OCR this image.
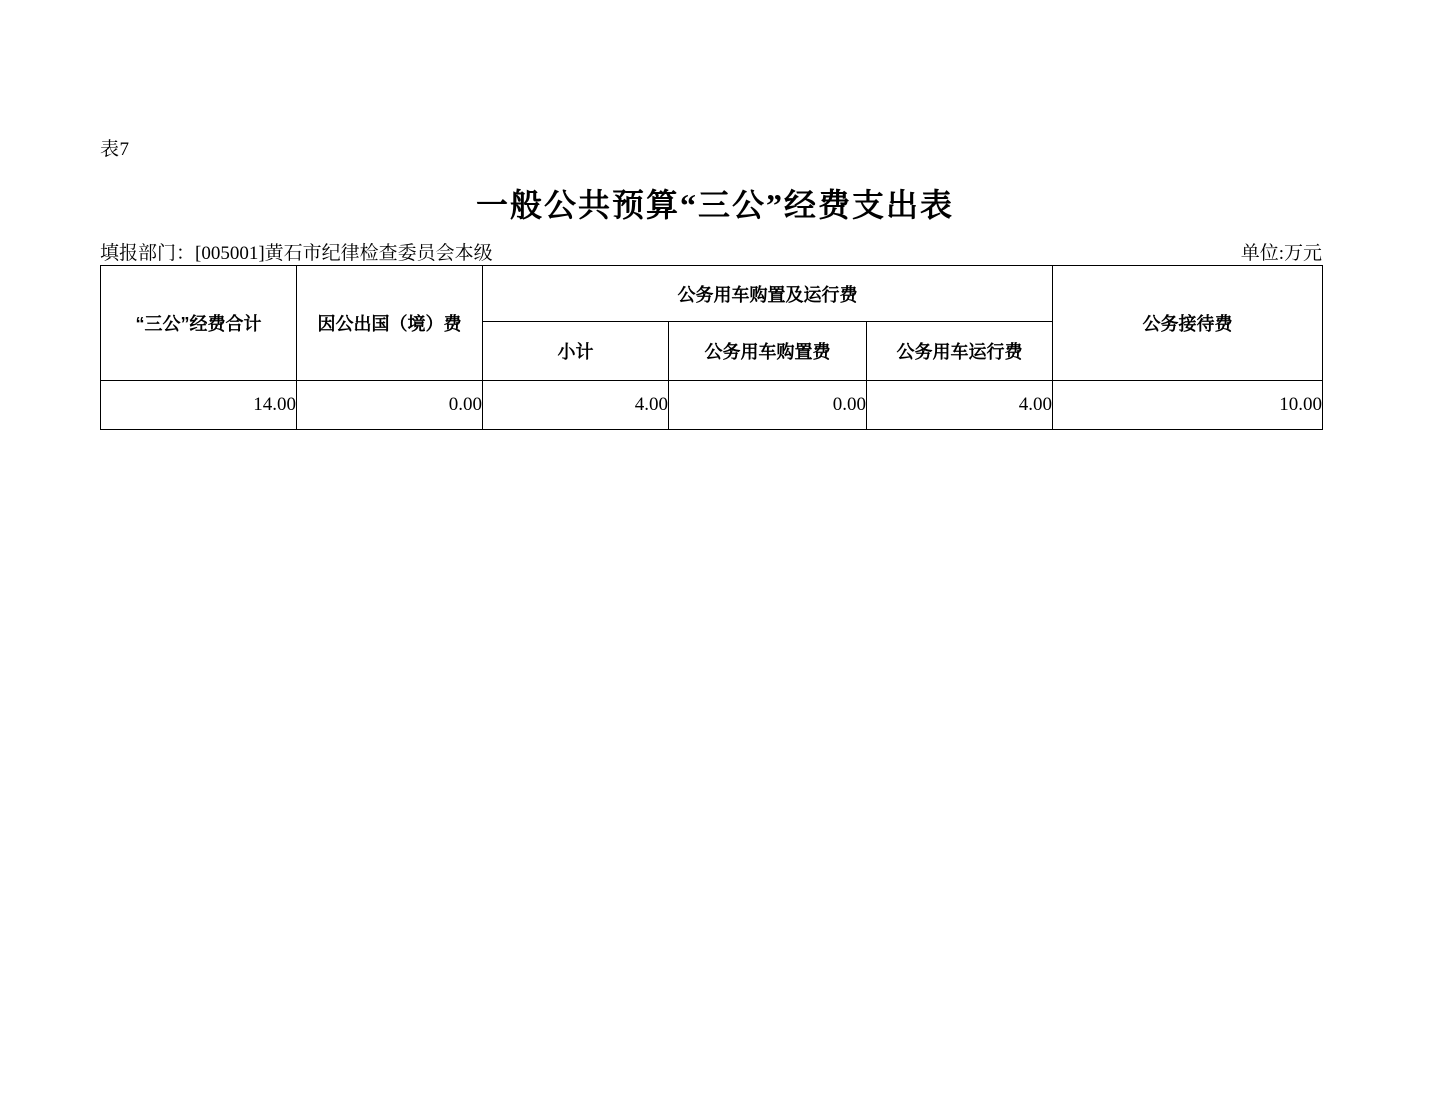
表7
一般公共预算“三公”经费支出表
填报部门：[005001]黄石市纪律检查委员会本级	单位:万元
“三公”经费合计	因公出国（境）费	公务用车购置及运行费			公务接待费
		小计	公务用车购置费	公务用车运行费	
14.00	0.00	4.00	0.00	4.00	10.00
